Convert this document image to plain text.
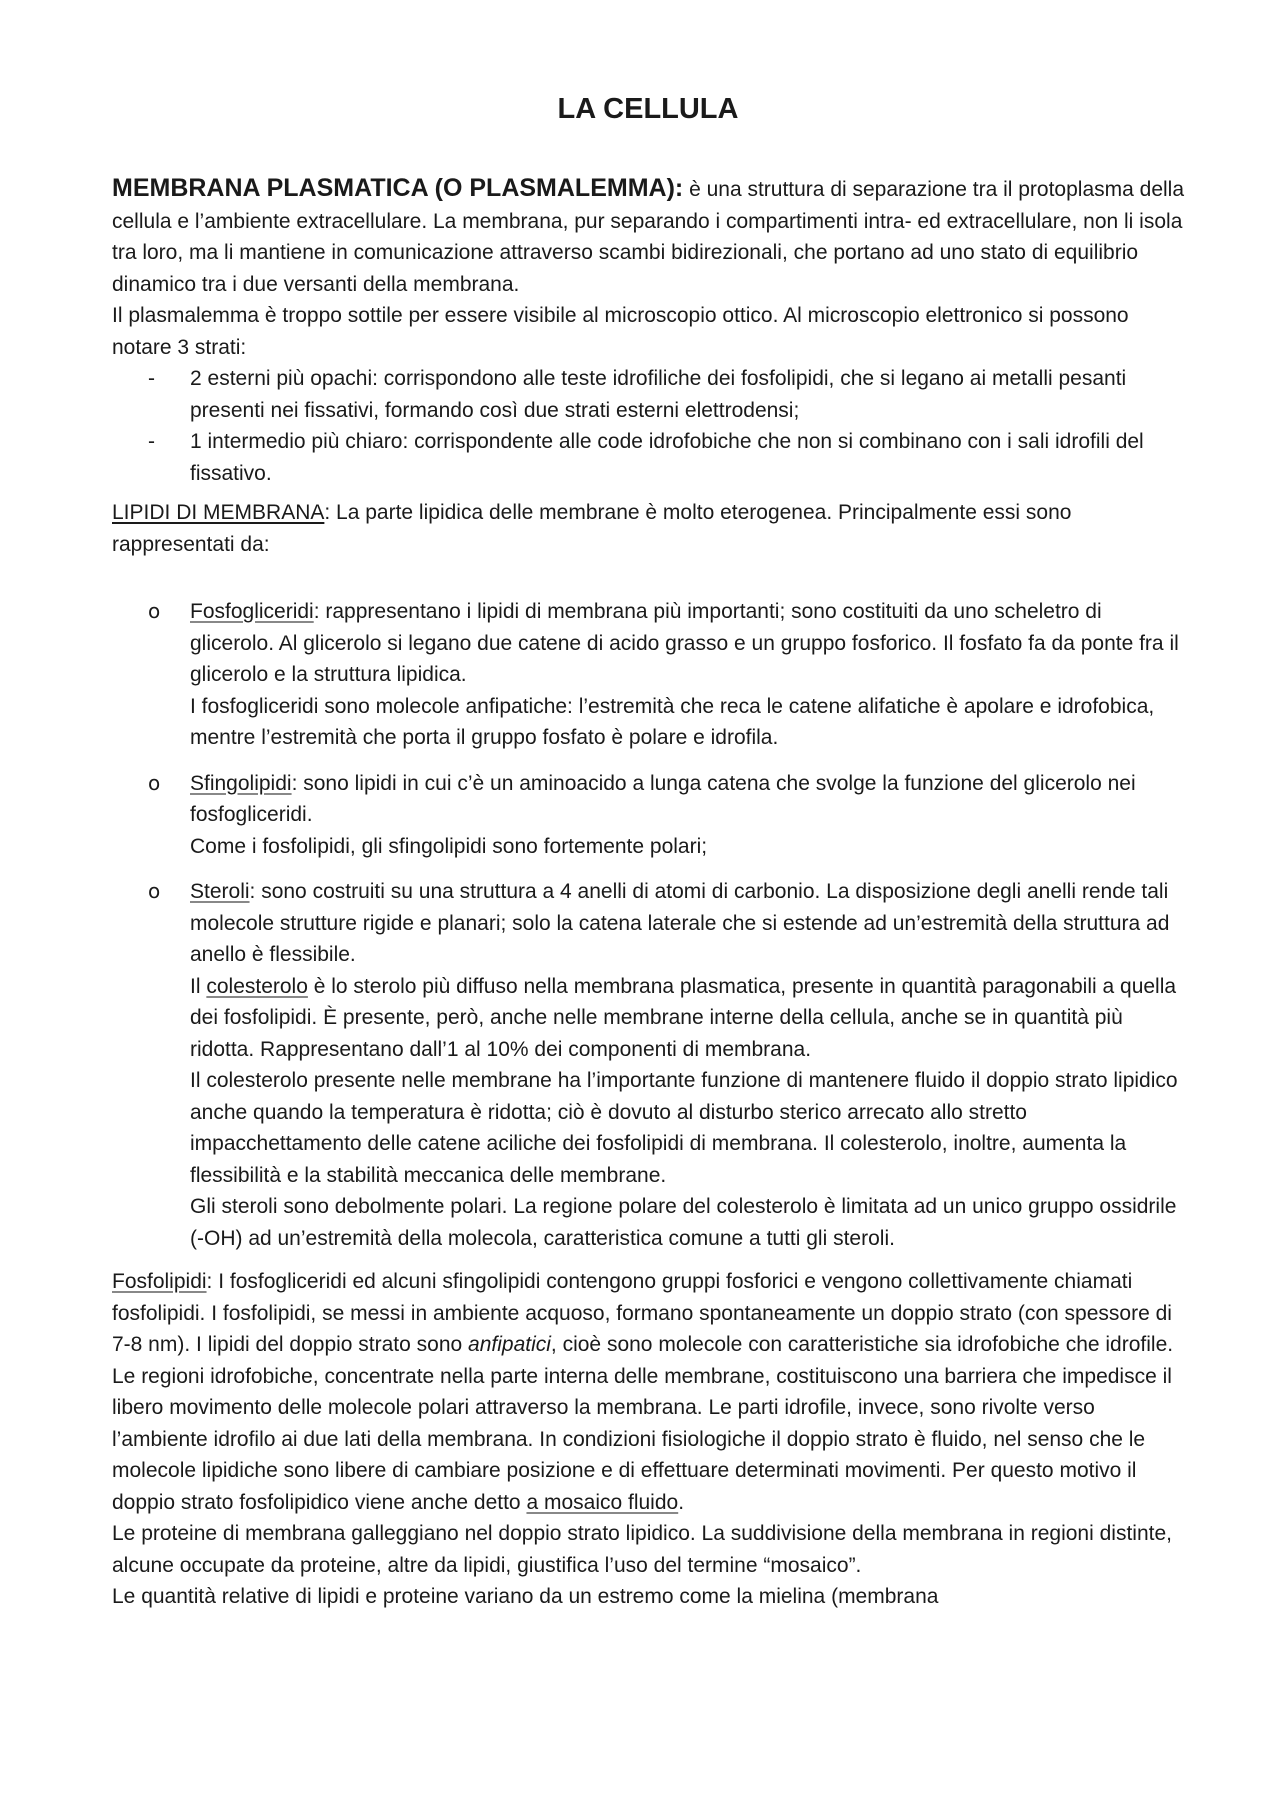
LA CELLULA

MEMBRANA PLASMATICA (O PLASMALEMMA): è una struttura di separazione tra il protoplasma della cellula e l’ambiente extracellulare. La membrana, pur separando i compartimenti intra- ed extracellulare, non li isola tra loro, ma li mantiene in comunicazione attraverso scambi bidirezionali, che portano ad uno stato di equilibrio dinamico tra i due versanti della membrana.

Il plasmalemma è troppo sottile per essere visibile al microscopio ottico. Al microscopio elettronico si possono notare 3 strati:

- 2 esterni più opachi: corrispondono alle teste idrofiliche dei fosfolipidi, che si legano ai metalli pesanti presenti nei fissativi, formando così due strati esterni elettrodensi;
- 1 intermedio più chiaro: corrispondente alle code idrofobiche che non si combinano con i sali idrofili del fissativo.

LIPIDI DI MEMBRANA: La parte lipidica delle membrane è molto eterogenea. Principalmente essi sono rappresentati da:

o Fosfogliceridi: rappresentano i lipidi di membrana più importanti; sono costituiti da uno scheletro di glicerolo. Al glicerolo si legano due catene di acido grasso e un gruppo fosforico. Il fosfato fa da ponte fra il glicerolo e la struttura lipidica.
I fosfogliceridi sono molecole anfipatiche: l’estremità che reca le catene alifatiche è apolare e idrofobica, mentre l’estremità che porta il gruppo fosfato è polare e idrofila.
o Sfingolipidi: sono lipidi in cui c’è un aminoacido a lunga catena che svolge la funzione del glicerolo nei fosfogliceridi.
Come i fosfolipidi, gli sfingolipidi sono fortemente polari;
o Steroli: sono costruiti su una struttura a 4 anelli di atomi di carbonio. La disposizione degli anelli rende tali molecole strutture rigide e planari; solo la catena laterale che si estende ad un’estremità della struttura ad anello è flessibile.
Il colesterolo è lo sterolo più diffuso nella membrana plasmatica, presente in quantità paragonabili a quella dei fosfolipidi. È presente, però, anche nelle membrane interne della cellula, anche se in quantità più ridotta. Rappresentano dall’1 al 10% dei componenti di membrana.
Il colesterolo presente nelle membrane ha l’importante funzione di mantenere fluido il doppio strato lipidico anche quando la temperatura è ridotta; ciò è dovuto al disturbo sterico arrecato allo stretto impacchettamento delle catene aciliche dei fosfolipidi di membrana. Il colesterolo, inoltre, aumenta la flessibilità e la stabilità meccanica delle membrane.
Gli steroli sono debolmente polari. La regione polare del colesterolo è limitata ad un unico gruppo ossidrile (-OH) ad un’estremità della molecola, caratteristica comune a tutti gli steroli.

Fosfolipidi: I fosfogliceridi ed alcuni sfingolipidi contengono gruppi fosforici e vengono collettivamente chiamati fosfolipidi. I fosfolipidi, se messi in ambiente acquoso, formano spontaneamente un doppio strato (con spessore di 7-8 nm). I lipidi del doppio strato sono anfipatici, cioè sono molecole con caratteristiche sia idrofobiche che idrofile. Le regioni idrofobiche, concentrate nella parte interna delle membrane, costituiscono una barriera che impedisce il libero movimento delle molecole polari attraverso la membrana. Le parti idrofile, invece, sono rivolte verso l’ambiente idrofilo ai due lati della membrana. In condizioni fisiologiche il doppio strato è fluido, nel senso che le molecole lipidiche sono libere di cambiare posizione e di effettuare determinati movimenti. Per questo motivo il doppio strato fosfolipidico viene anche detto a mosaico fluido.

Le proteine di membrana galleggiano nel doppio strato lipidico. La suddivisione della membrana in regioni distinte, alcune occupate da proteine, altre da lipidi, giustifica l’uso del termine “mosaico”.

Le quantità relative di lipidi e proteine variano da un estremo come la mielina (membrana
